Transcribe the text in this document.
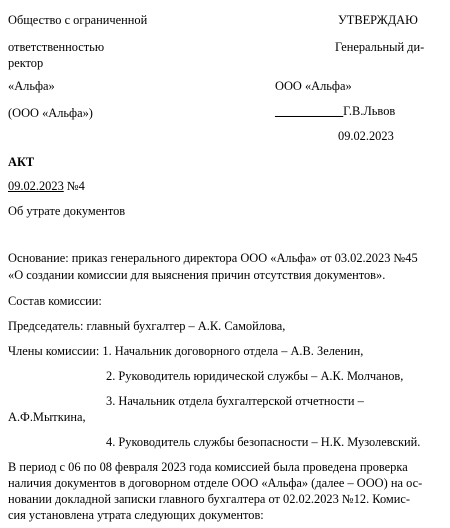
Общество с ограниченной
ответственностью
«Альфа»
(ООО «Альфа»)
УТВЕРЖДАЮ
Генеральный ди-
ректор
ООО «Альфа»
___________Г.В.Львов
09.02.2023
АКТ
09.02.2023 №4
Об утрате документов
Основание: приказ генерального директора ООО «Альфа» от 03.02.2023 №45
«О создании комиссии для выяснения причин отсутствия документов».
Состав комиссии:
Председатель: главный бухгалтер – А.К. Самойлова,
Члены комиссии: 1. Начальник договорного отдела – А.В. Зеленин,
2. Руководитель юридической службы – А.К. Молчанов,
3. Начальник отдела бухгалтерской отчетности –
А.Ф.Мыткина,
4. Руководитель службы безопасности – Н.К. Музолевский.
В период с 06 по 08 февраля 2023 года комиссией была проведена проверка
наличия документов в договорном отделе ООО «Альфа» (далее – ООО) на ос-
новании докладной записки главного бухгалтера от 02.02.2023 №12. Комис-
сия установлена утрата следующих документов:
